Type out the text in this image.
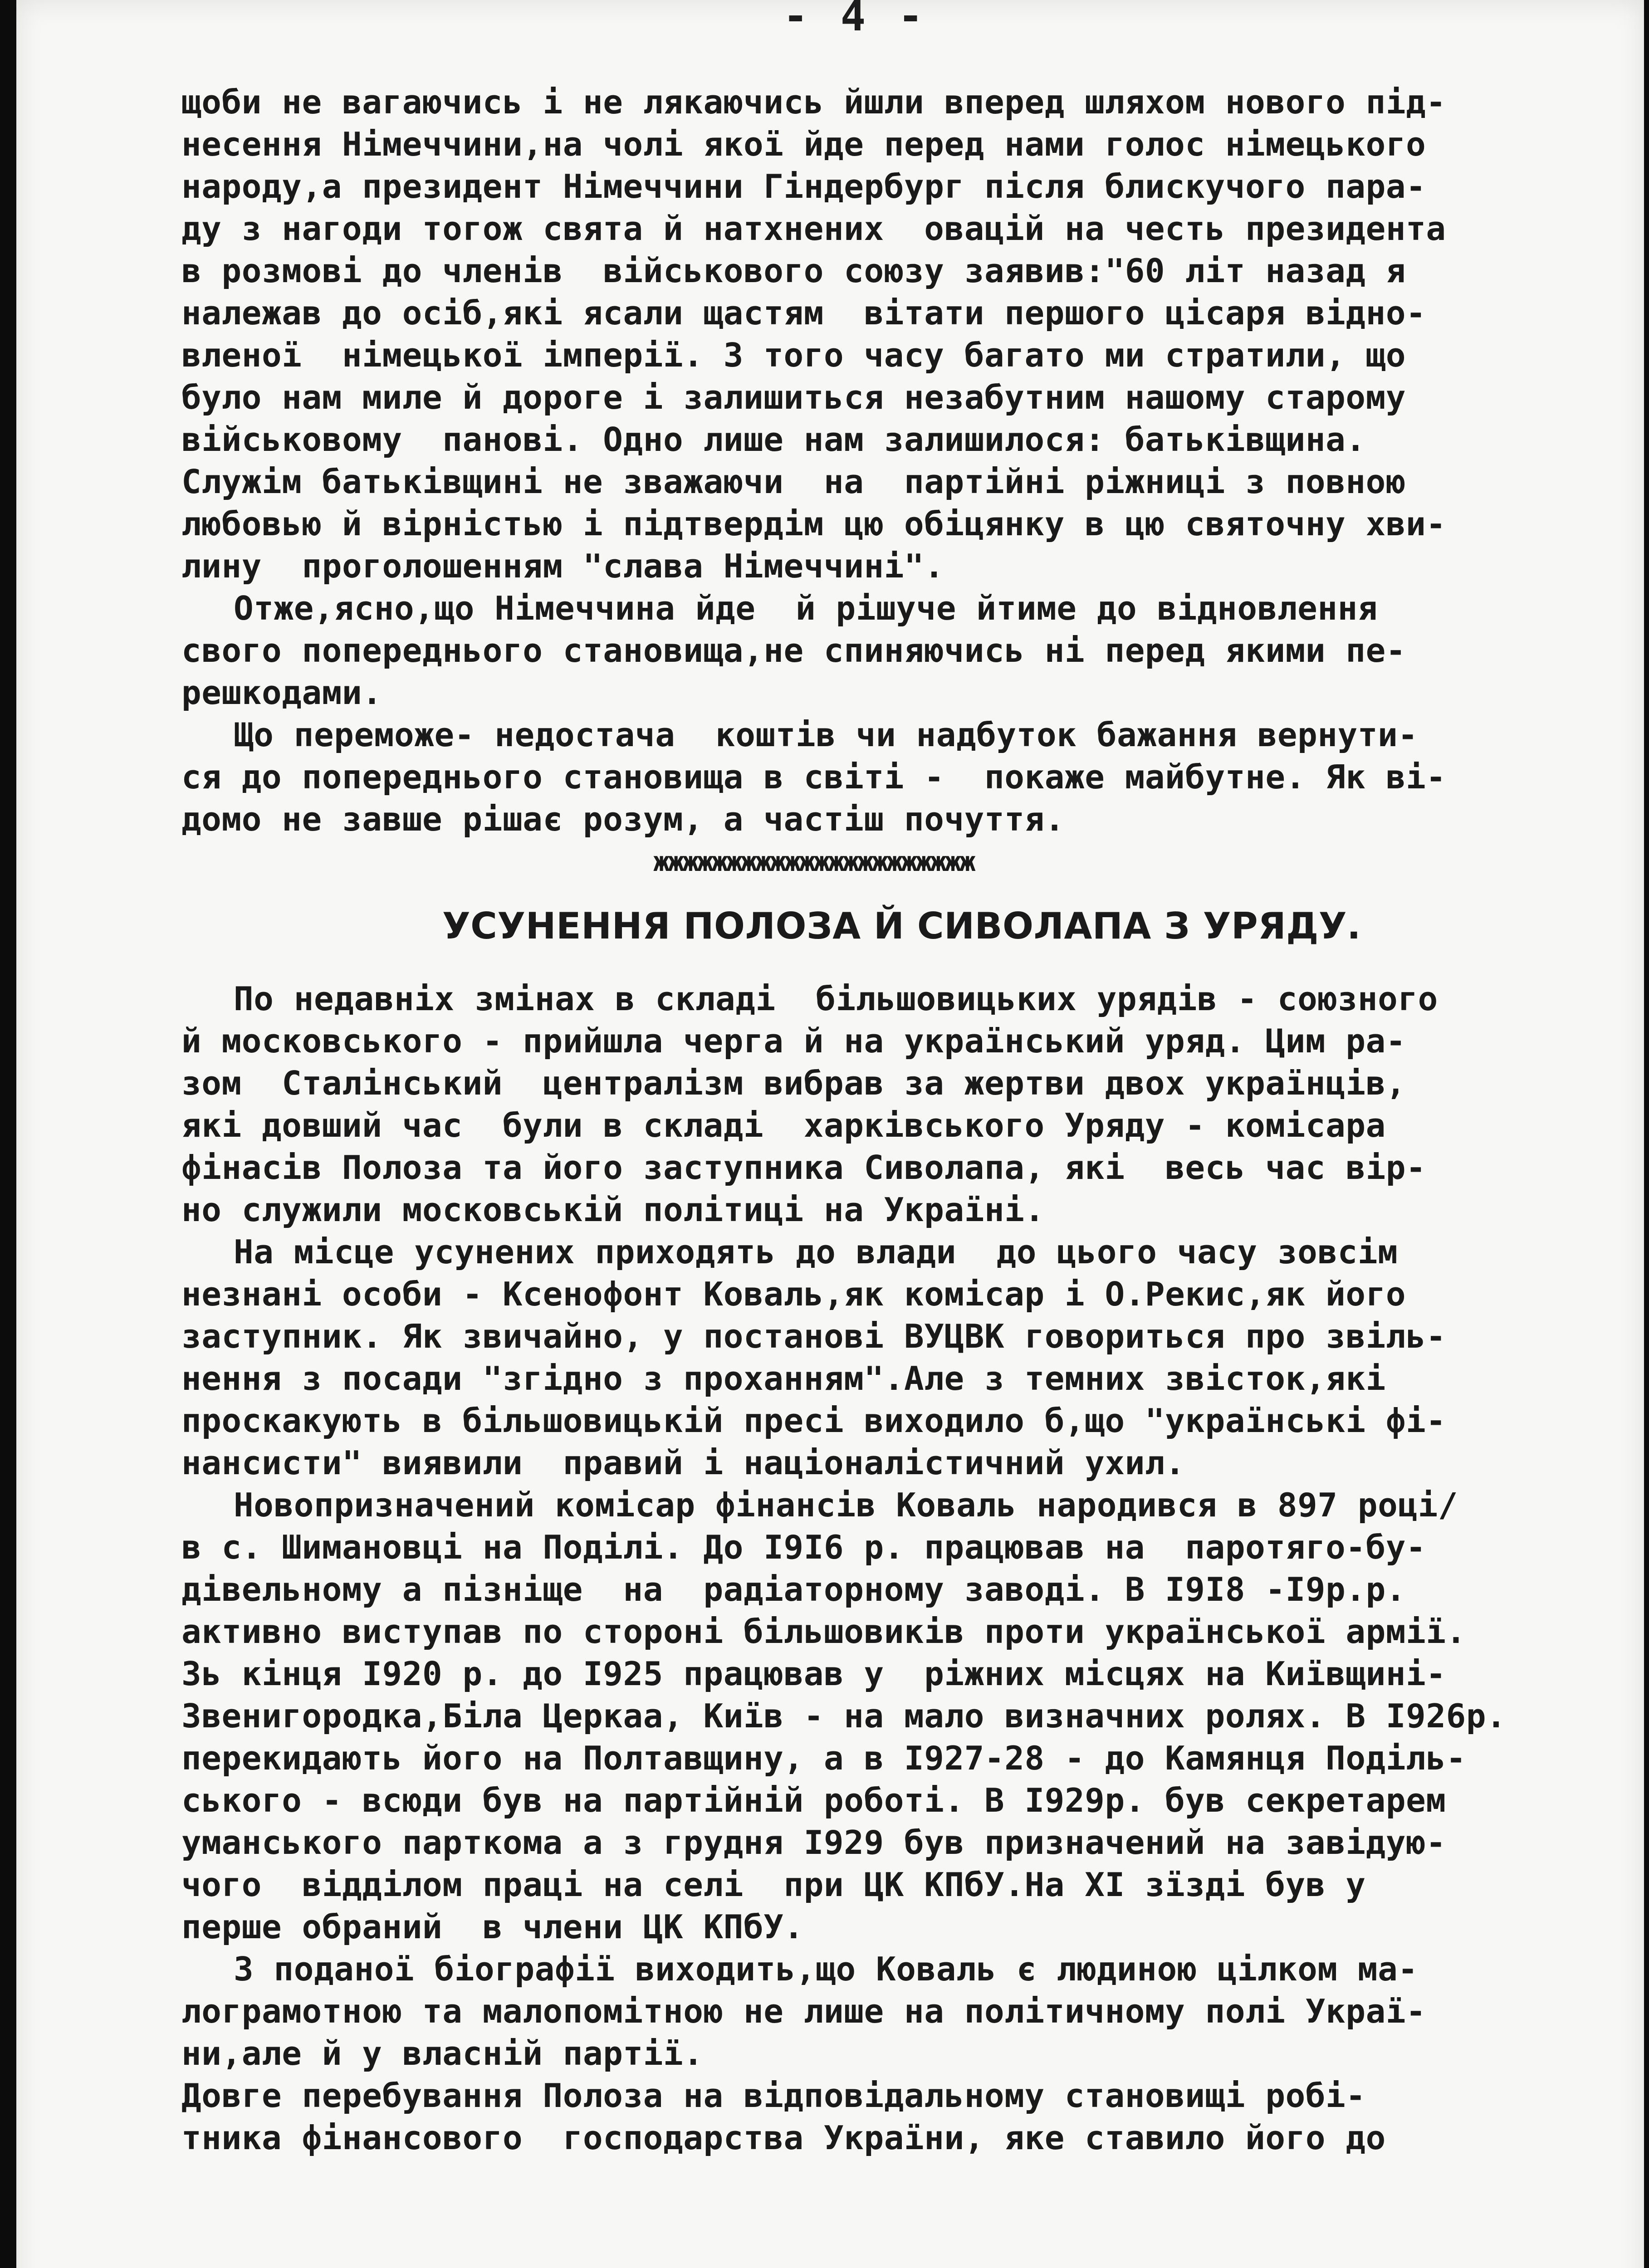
- 4 -
щоби не вагаючись і не лякаючись йшли вперед шляхом нового під-
несення Німеччини,на чолі якої йде перед нами голос німецького
народу,а президент Німеччини Гіндербург після блискучого пара-
ду з нагоди тогож свята й натхнених  овацій на честь президента
в розмові до членів  військового союзу заявив:"60 літ назад я
належав до осіб,які ясали щастям  вітати першого цісаря відно-
вленої  німецької імперії. З того часу багато ми стратили, що
було нам миле й дороге і залишиться незабутним нашому старому
військовому  панові. Одно лише нам залишилося: батьківщина.
Служім батьківщині не зважаючи  на  партійні ріжниці з повною
любовью й вірністью і підтвердім цю обіцянку в цю святочну хви-
лину  проголошенням "слава Німеччині".
Отже,ясно,що Німеччина йде  й рішуче йтиме до відновлення
свого попереднього становища,не спиняючись ні перед якими пе-
решкодами.
Що переможе- недостача  коштів чи надбуток бажання вернути-
ся до попереднього становища в світі -  покаже майбутне. Як ві-
домо не завше рішає розум, а частіш почуття.
жжжжжжжжжжжжжжжжжжжжжж
УСУНЕННЯ ПОЛОЗА Й СИВОЛАПА З УРЯДУ.
По недавніх змінах в складі  більшовицьких урядів - союзного
й московського - прийшла черга й на український уряд. Цим ра-
зом  Сталінський  централізм вибрав за жертви двох українців,
які довший час  були в складі  харківського Уряду - комісара
фінасів Полоза та його заступника Сиволапа, які  весь час вір-
но служили московській політиці на Україні.
На місце усунених приходять до влади  до цього часу зовсім
незнані особи - Ксенофонт Коваль,як комісар і О.Рекис,як його
заступник. Як звичайно, у постанові ВУЦВК говориться про звіль-
нення з посади "згідно з проханням".Але з темних звісток,які
проскакують в більшовицькій пресі виходило б,що "українські фі-
нансисти" виявили  правий і націоналістичний ухил.
Новопризначений комісар фінансів Коваль народився в 897 році/
в с. Шимановці на Поділі. До I9I6 р. працював на  паротяго-бу-
дівельному а пізніще  на  радіаторному заводі. В I9I8 -I9р.р.
активно виступав по стороні більшовиків проти української армії.
Зь кінця I920 р. до I925 працював у  ріжних місцях на Київщині-
Звенигородка,Біла Церкаа, Київ - на мало визначних ролях. В I926р.
перекидають його на Полтавщину, а в I927-28 - до Камянця Поділь-
ського - всюди був на партійній роботі. В I929р. був секретарем
уманського парткома а з грудня I929 був призначений на завідую-
чого  відділом праці на селі  при ЦК КПбУ.На ХІ зїзді був у
перше обраний  в члени ЦК КПбУ.
З поданої біографії виходить,що Коваль є людиною цілком ма-
лограмотною та малопомітною не лише на політичному полі Украї-
ни,але й у власній партії.
Довге перебування Полоза на відповідальному становищі робі-
тника фінансового  господарства України, яке ставило його до
